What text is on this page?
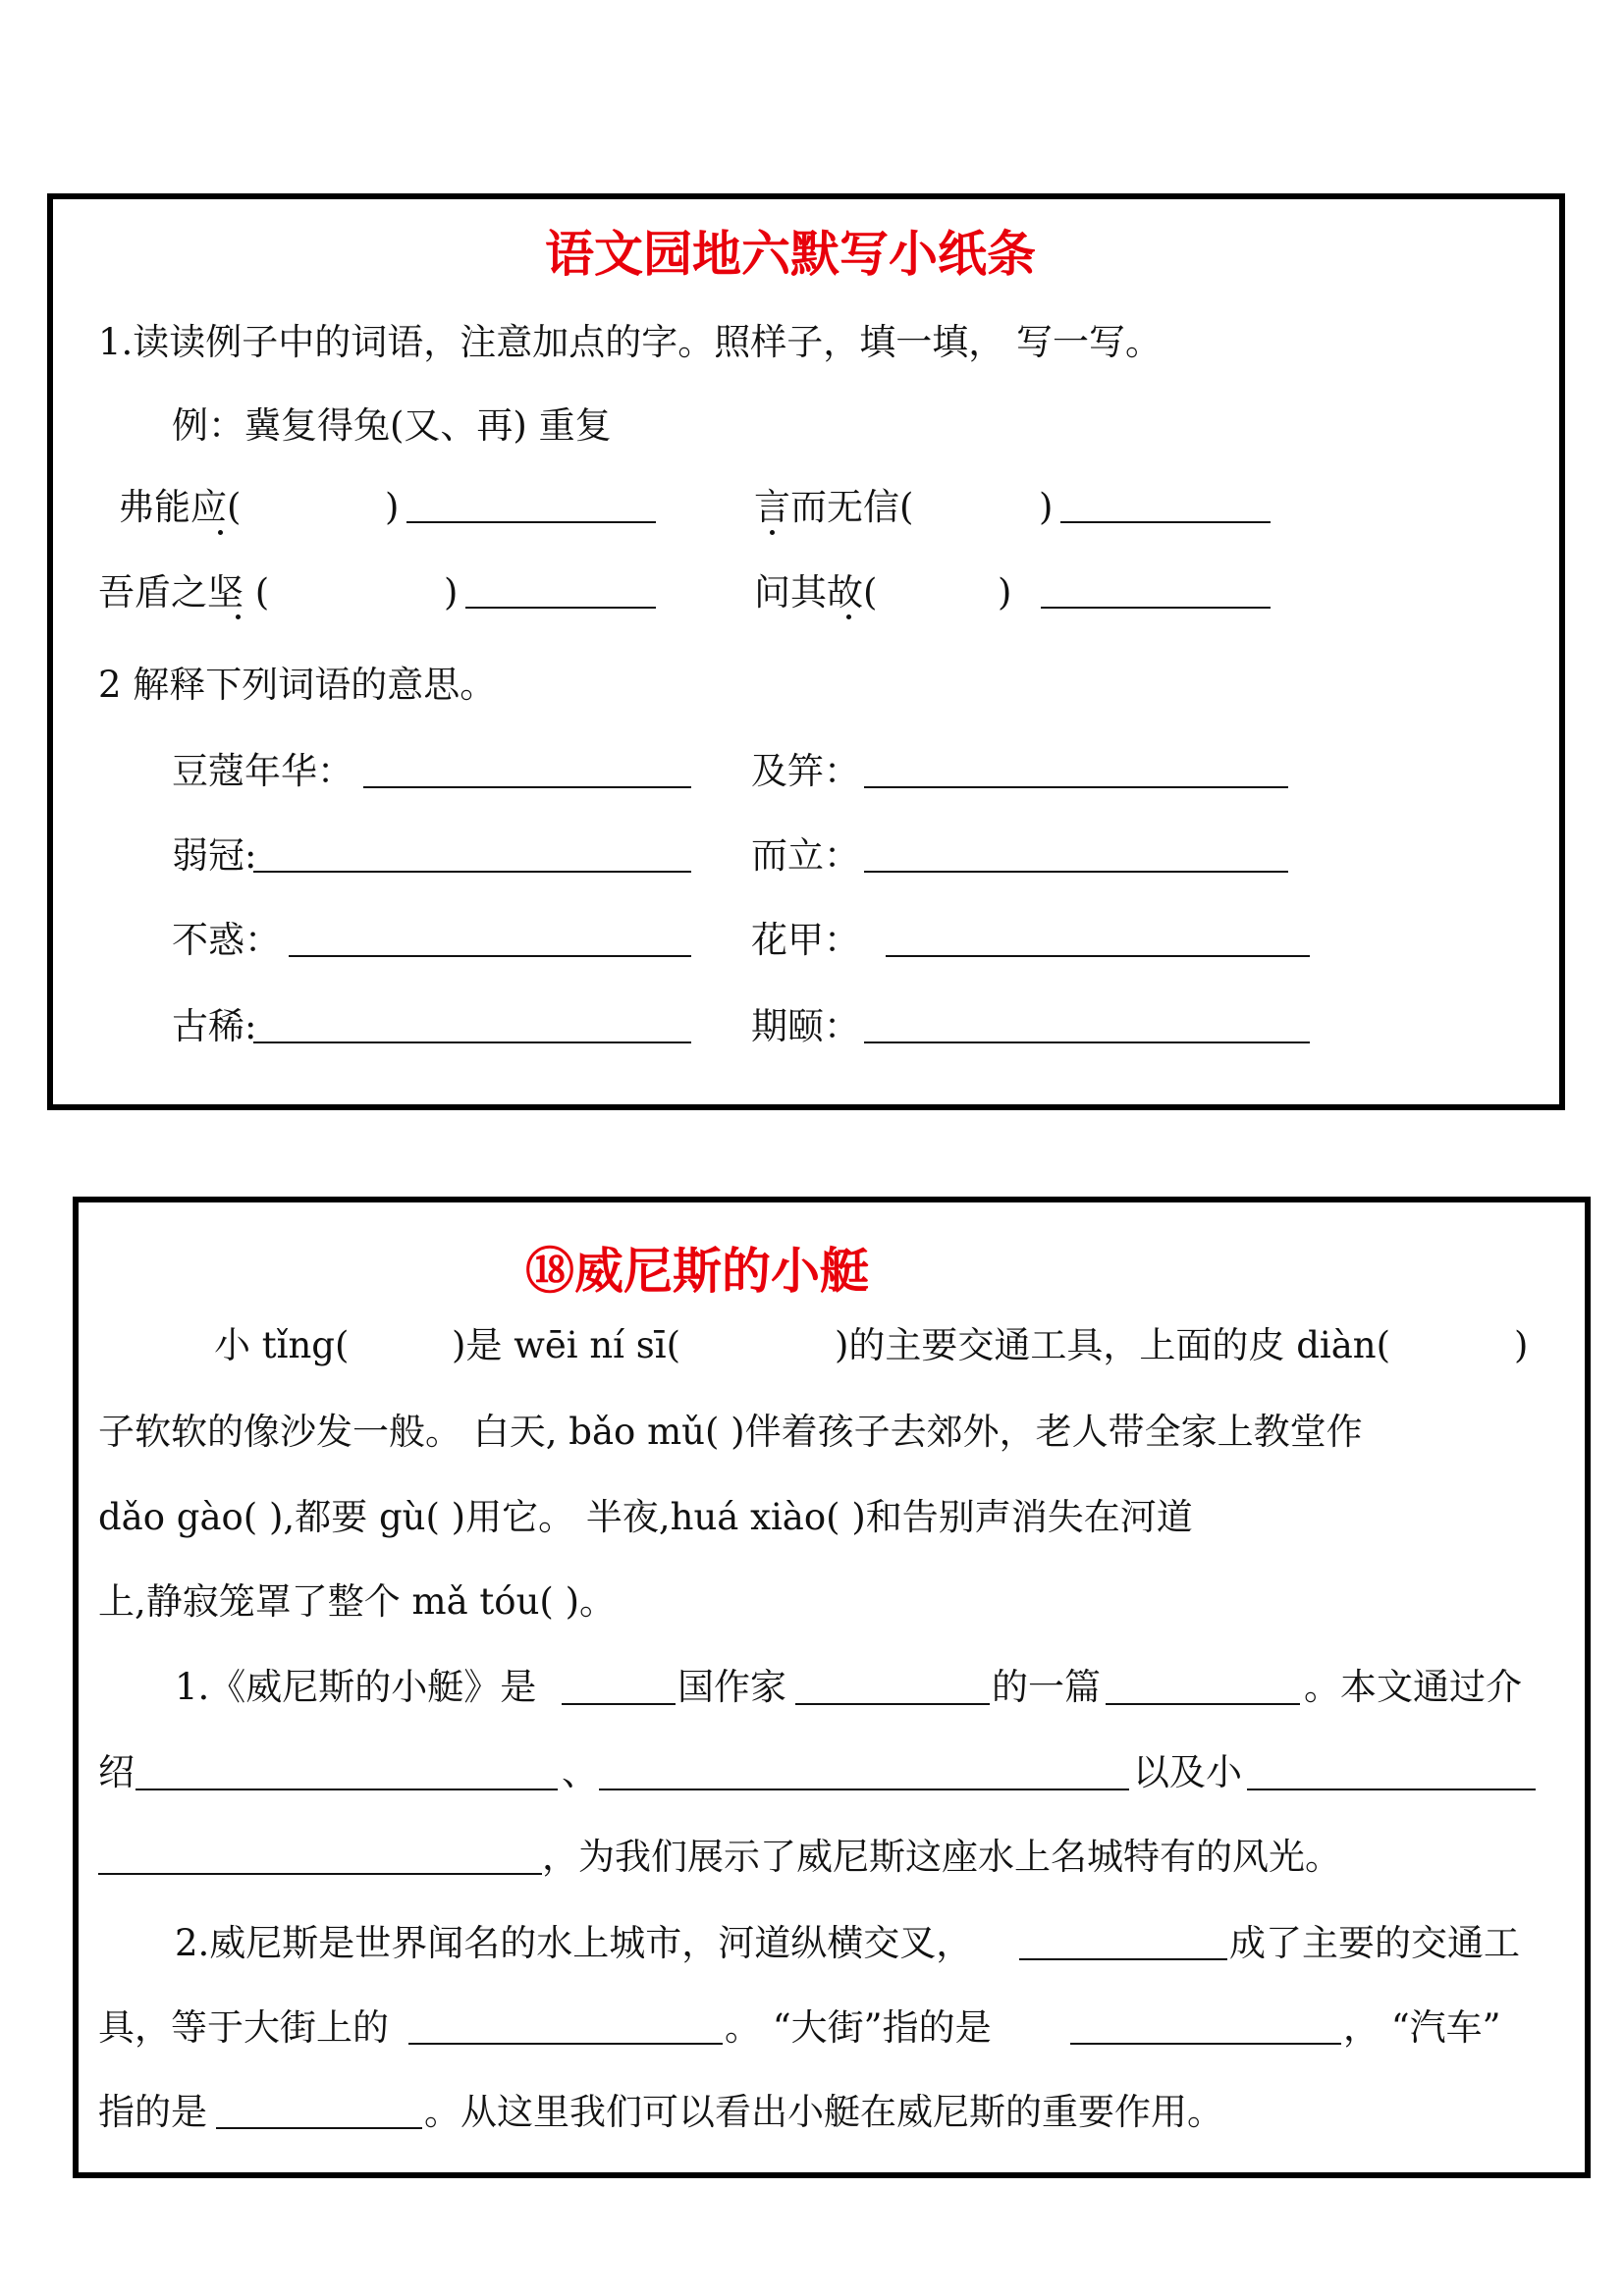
语文园地六默写小纸条
1.读读例子中的词语，注意加点的字。照样子，填一填， 写一写。
例：冀复得兔(又、再) 重复
弗能应(	)	言而无信(	)
吾盾之坚 (	)	问其故(	)
2 解释下列词语的意思。
豆蔻年华：	及笄：
弱冠:	而立：
不惑：	花甲：
古稀:	期颐：
⑱威尼斯的小艇
小 tǐng(	)是 wēi ní sī(	)的主要交通工具，上面的皮 diàn(	)
子软软的像沙发一般。 白天, bǎo mǔ( )伴着孩子去郊外，老人带全家上教堂作
dǎo gào( ),都要 gù( )用它。 半夜,huá xiào( )和告别声消失在河道
上,静寂笼罩了整个 mǎ tóu( )。
1.《威尼斯的小艇》是	国作家	的一篇	。本文通过介
绍	、	以及小
，为我们展示了威尼斯这座水上名城特有的风光。
2.威尼斯是世界闻名的水上城市，河道纵横交叉，	成了主要的交通工
具，等于大街上的	。 “大街”指的是	， “汽车”
指的是	。从这里我们可以看出小艇在威尼斯的重要作用。
